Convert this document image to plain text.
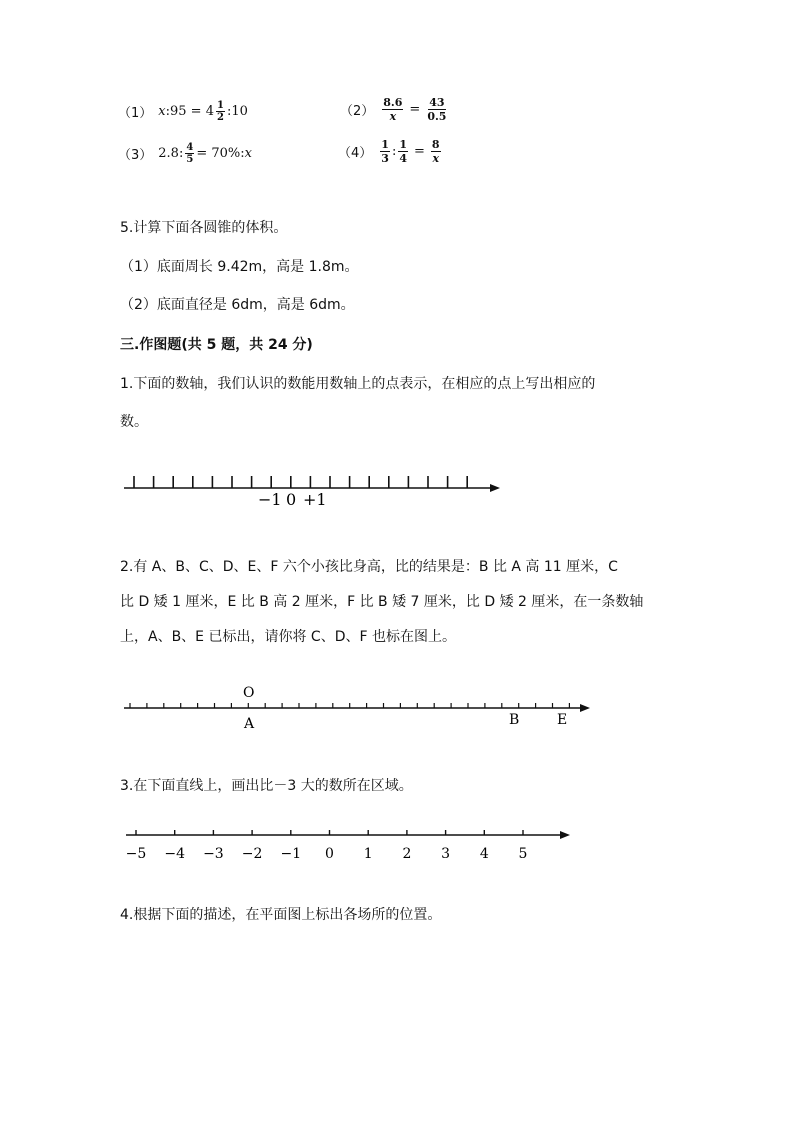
（1） x :95 = $4 \frac{1}{2}$ :10	$(2) \frac{8.6}{x} = \frac{43}{0.5}$
（3） 2.8: $\frac{4}{5} = 70\%$: x	$(4) \frac{1}{3}$ : $\frac{1}{4} = \frac{8}{x}$
5.计算下面各圆锥的体积。
（1）底面周长 9.42m，高是 1.8m。
（2）底面直径是 6dm，高是 6dm。
三.作图题(共 5 题，共 24 分)
1.下面的数轴，我们认识的数能用数轴上的点表示，在相应的点上写出相应的
数。
−1 0 +1
O
A	B	E
−5 −4 −3 −2 −1 0 1 2 3 4 5
2.有 A、B、C、D、E、F 六个小孩比身高，比的结果是：B 比 A 高 11 厘米，C
比 D 矮 1 厘米，E 比 B 高 2 厘米，F 比 B 矮 7 厘米，比 D 矮 2 厘米，在一条数轴
上，A、B、E 已标出，请你将 C、D、F 也标在图上。
3.在下面直线上，画出比－3 大的数所在区域。
4.根据下面的描述，在平面图上标出各场所的位置。
